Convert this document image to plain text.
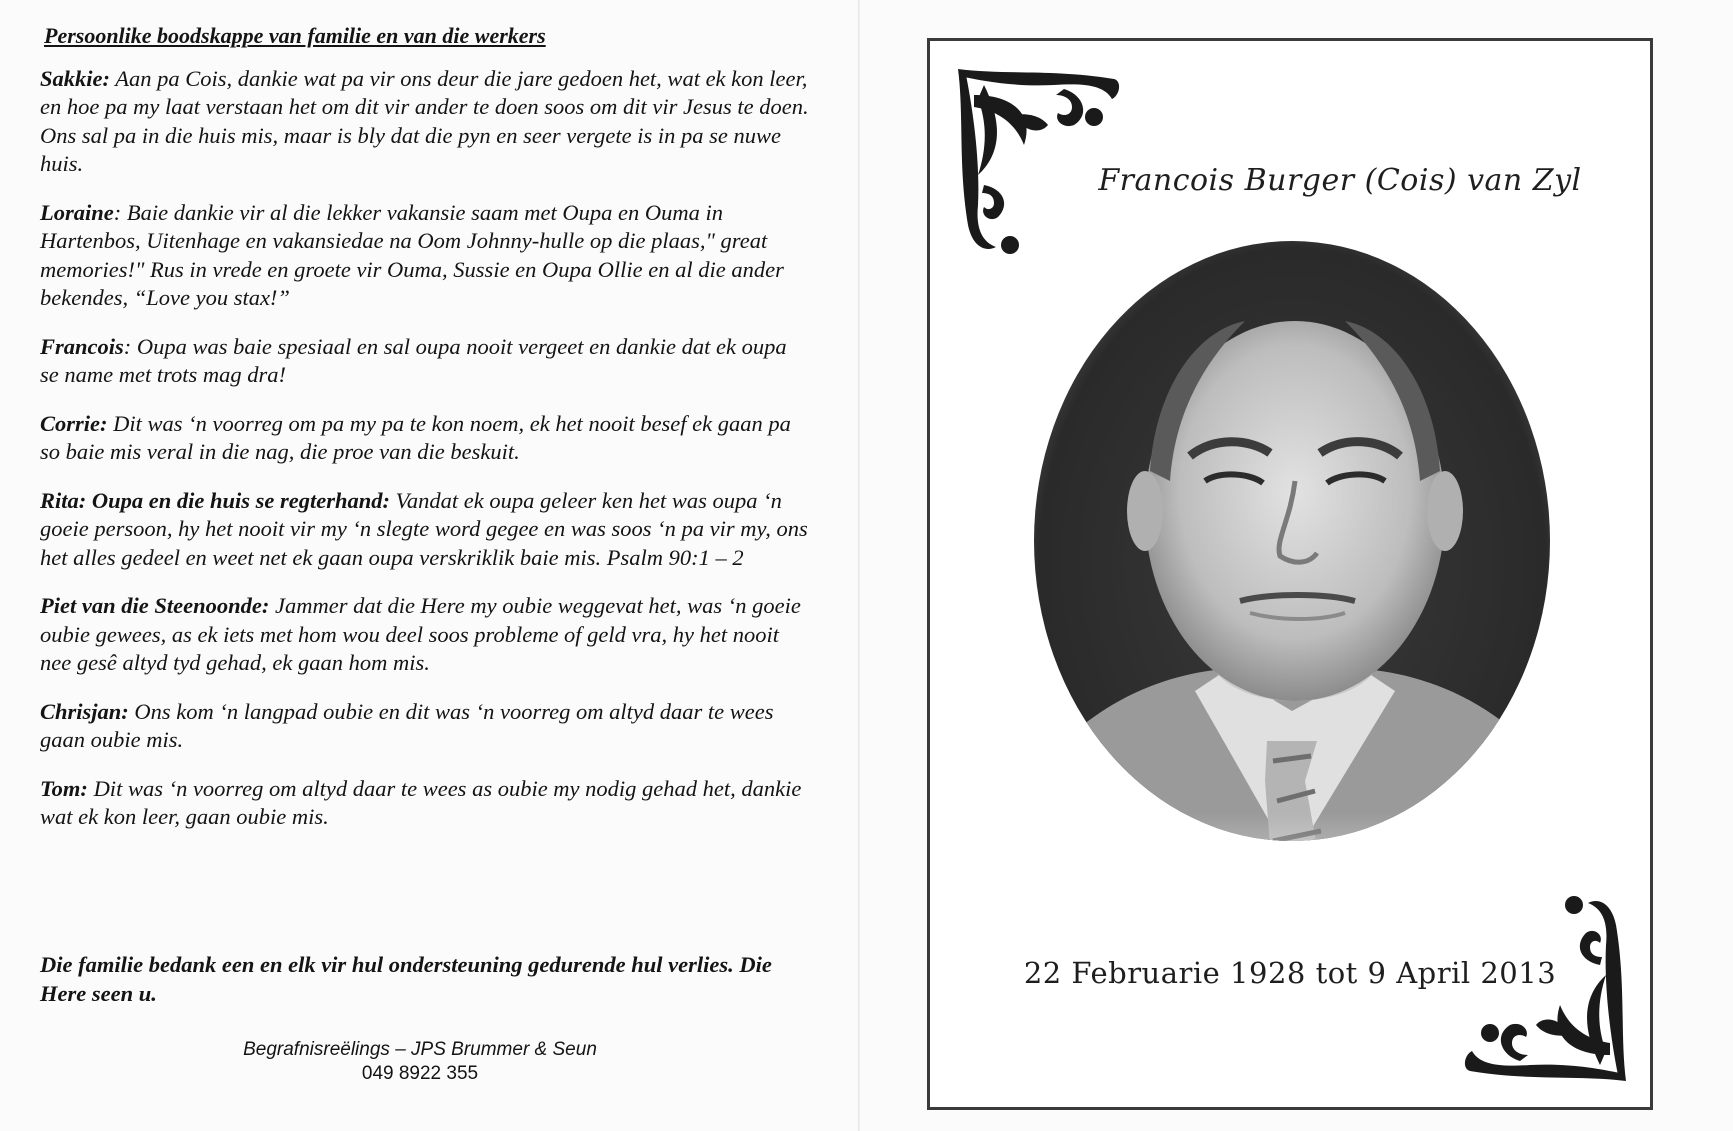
Persoonlike boodskappe van familie en van die werkers
Sakkie: Aan pa Cois, dankie wat pa vir ons deur die jare gedoen het, wat ek kon leer, en hoe pa my laat verstaan het om dit vir ander te doen soos om dit vir Jesus te doen. Ons sal pa in die huis mis, maar is bly dat die pyn en seer vergete is in pa se nuwe huis.
Loraine: Baie dankie vir al die lekker vakansie saam met Oupa en Ouma in Hartenbos, Uitenhage en vakansiedae na Oom Johnny-hulle op die plaas," great memories!" Rus in vrede en groete vir Ouma, Sussie en Oupa Ollie en al die ander bekendes, “Love you stax!”
Francois: Oupa was baie spesiaal en sal oupa nooit vergeet en dankie dat ek oupa se name met trots mag dra!
Corrie: Dit was ‘n voorreg om pa my pa te kon noem, ek het nooit besef ek gaan pa so baie mis veral in die nag, die proe van die beskuit.
Rita: Oupa en die huis se regterhand: Vandat ek oupa geleer ken het was oupa ‘n goeie persoon, hy het nooit vir my ‘n slegte word gegee en was soos ‘n pa vir my, ons het alles gedeel en weet net ek gaan oupa verskriklik baie mis. Psalm 90:1 – 2
Piet van die Steenoonde: Jammer dat die Here my oubie weggevat het, was ‘n goeie oubie gewees, as ek iets met hom wou deel soos probleme of geld vra, hy het nooit nee gesê altyd tyd gehad, ek gaan hom mis.
Chrisjan: Ons kom ‘n langpad oubie en dit was ‘n voorreg om altyd daar te wees gaan oubie mis.
Tom: Dit was ‘n voorreg om altyd daar te wees as oubie my nodig gehad het, dankie wat ek kon leer, gaan oubie mis.
Die familie bedank een en elk vir hul ondersteuning gedurende hul verlies. Die Here seen u.
Begrafnisreëlings – JPS Brummer & Seun
049 8922 355
Francois Burger (Cois) van Zyl
22 Februarie 1928 tot 9 April 2013
